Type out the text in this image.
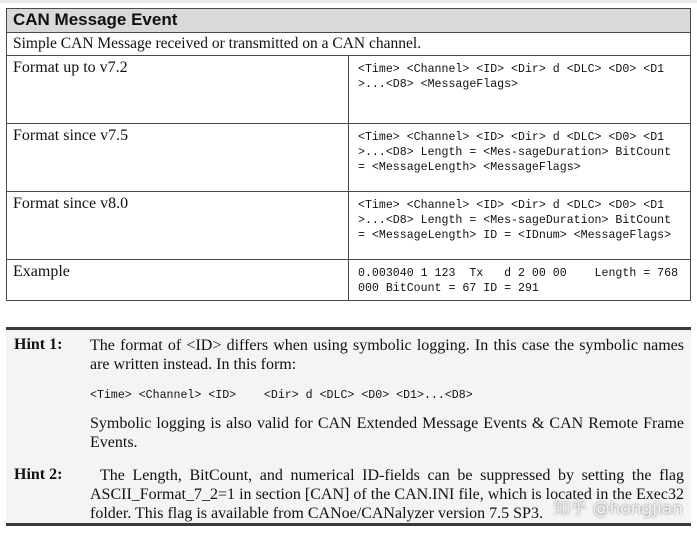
CAN Message Event	
Simple CAN Message received or transmitted on a CAN channel.	
Format up to v7.2	<Time> <Channel> <ID> <Dir> d <DLC> <D0> <D1>...<D8> <MessageFlags>
Format since v7.5	<Time> <Channel> <ID> <Dir> d <DLC> <D0> <D1>...<D8> Length = <Mes-sageDuration> BitCount = <MessageLength> <MessageFlags>
Format since v8.0	<Time> <Channel> <ID> <Dir> d <DLC> <D0> <D1>...<D8> Length = <Mes-sageDuration> BitCount = <MessageLength> ID = <IDnum> <MessageFlags>
Example	0.003040 1 123  Tx   d 2 00 00    Length = 768000 BitCount = 67 ID = 291
Hint 1: The format of <ID> differs when using symbolic logging. In this case the symbolic names are written instead. In this form:
<Time> <Channel> <ID>    <Dir> d <DLC> <D0> <D1>...<D8>
Symbolic logging is also valid for CAN Extended Message Events & CAN Remote Frame Events.
Hint 2:	The Length, BitCount, and numerical ID-fields can be suppressed by setting the flag ASCII_Format_7_2=1 in section [CAN] of the CAN.INI file, which is located in the Exec32 folder. This flag is available from CANoe/CANalyzer version 7.5 SP3. 知乎 @hongjian
